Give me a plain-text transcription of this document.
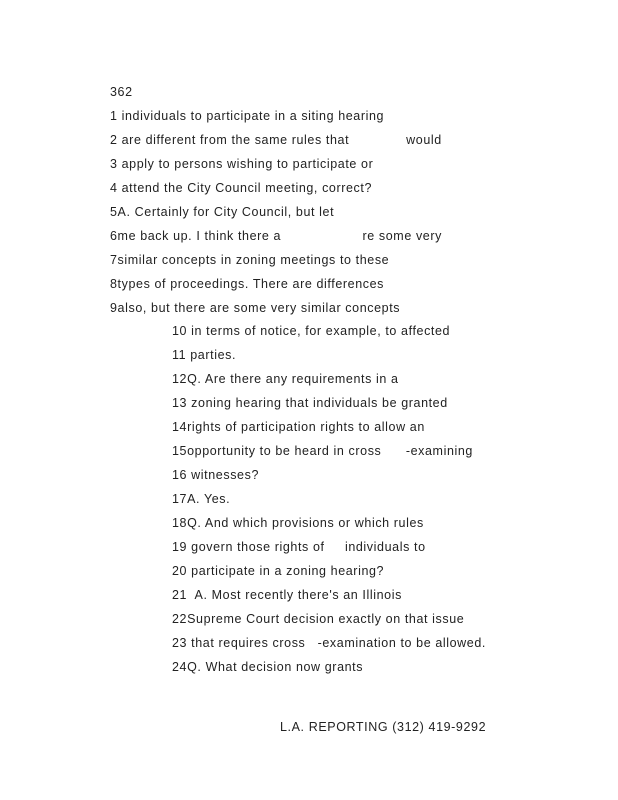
362
1 individuals to participate in a siting hearing
2 are different from the same rules that              would
3 apply to persons wishing to participate or
4 attend the City Council meeting, correct?
5A. Certainly for City Council, but let
6me back up. I think there a                    re some very
7similar concepts in zoning meetings to these
8types of proceedings. There are differences
9also, but there are some very similar concepts
10 in terms of notice, for example, to affected
11 parties.
12Q. Are there any requirements in a
13 zoning hearing that individuals be granted
14rights of participation rights to allow an
15opportunity to be heard in cross      -examining
16 witnesses?
17A. Yes.
18Q. And which provisions or which rules
19 govern those rights of     individuals to
20 participate in a zoning hearing?
21  A. Most recently there's an Illinois
22Supreme Court decision exactly on that issue
23 that requires cross   -examination to be allowed.
24Q. What decision now grants
L.A. REPORTING (312) 419-9292
